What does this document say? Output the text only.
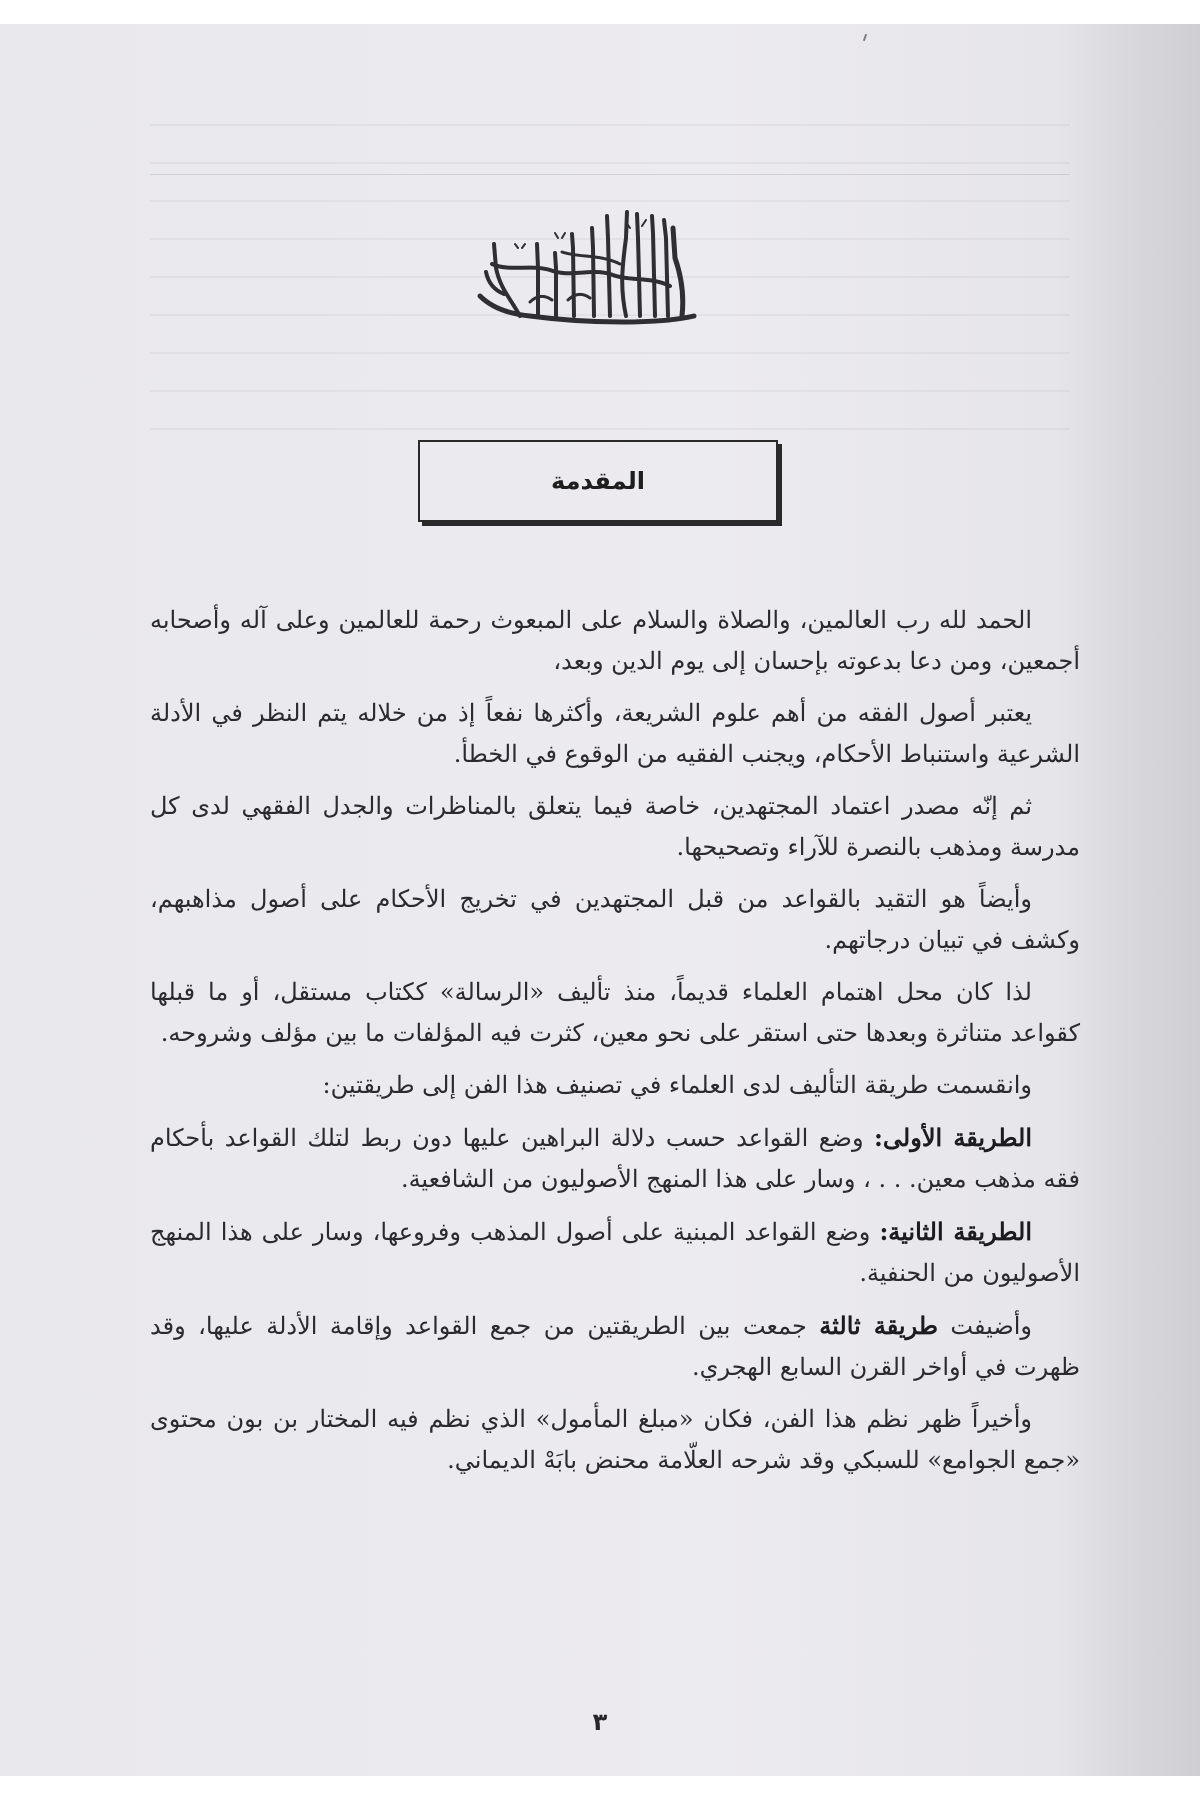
المقدمة

الحمد لله رب العالمين، والصلاة والسلام على المبعوث رحمة للعالمين وعلى آله وأصحابه أجمعين، ومن دعا بدعوته بإحسان إلى يوم الدين وبعد،

يعتبر أصول الفقه من أهم علوم الشريعة، وأكثرها نفعاً إذ من خلاله يتم النظر في الأدلة الشرعية واستنباط الأحكام، ويجنب الفقيه من الوقوع في الخطأ.

ثم إنّه مصدر اعتماد المجتهدين، خاصة فيما يتعلق بالمناظرات والجدل الفقهي لدى كل مدرسة ومذهب بالنصرة للآراء وتصحيحها.

وأيضاً هو التقيد بالقواعد من قبل المجتهدين في تخريج الأحكام على أصول مذاهبهم، وكشف في تبيان درجاتهم.

لذا كان محل اهتمام العلماء قديماً، منذ تأليف «الرسالة» ككتاب مستقل، أو ما قبلها كقواعد متناثرة وبعدها حتى استقر على نحو معين، كثرت فيه المؤلفات ما بين مؤلف وشروحه.

وانقسمت طريقة التأليف لدى العلماء في تصنيف هذا الفن إلى طريقتين:

الطريقة الأولى: وضع القواعد حسب دلالة البراهين عليها دون ربط لتلك القواعد بأحكام فقه مذهب معين. . . ، وسار على هذا المنهج الأصوليون من الشافعية.

الطريقة الثانية: وضع القواعد المبنية على أصول المذهب وفروعها، وسار على هذا المنهج الأصوليون من الحنفية.

وأضيفت طريقة ثالثة جمعت بين الطريقتين من جمع القواعد وإقامة الأدلة عليها، وقد ظهرت في أواخر القرن السابع الهجري.

وأخيراً ظهر نظم هذا الفن، فكان «مبلغ المأمول» الذي نظم فيه المختار بن بون محتوى «جمع الجوامع» للسبكي وقد شرحه العلّامة محنض بابَهْ الديماني.

٣
